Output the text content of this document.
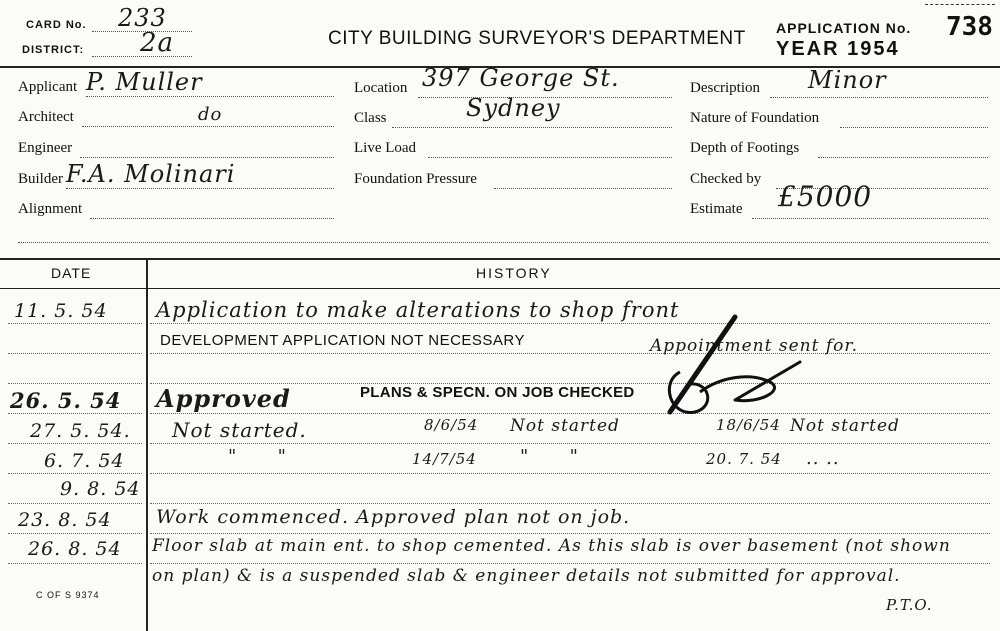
CARD No. 233
DISTRICT: 2a	CITY BUILDING SURVEYOR'S DEPARTMENT APPLICATION No. 738
YEAR 1954
Applicant P. Muller
Architect	do
Engineer
Builder F.A. Molinari
Alignment
Location 397 George St.
Class	Sydney
Live Load
Foundation Pressure
Description Minor
Nature of Foundation
Depth of Footings
Checked by
Estimate £5000
DATE	HISTORY
11. 5. 54 Application to make alterations to shop front
DEVELOPMENT APPLICATION NOT NECESSARY	Appointment sent for.
26. 5. 54 Approved	PLANS & SPECN. ON JOB CHECKED
27. 5. 54. Not started.	8/6/54 Not started	18/6/54 Not started
6. 7. 54	"      "	14/7/54 "      "	20. 7. 54 .. ..
9. 8. 54
23. 8. 54 Work commenced. Approved plan not on job.
26. 8. 54 Floor slab at main ent. to shop cemented. As this slab is over basement (not shown
on plan) & is a suspended slab & engineer details not submitted for approval.
C OF S 9374
P.T.O.
